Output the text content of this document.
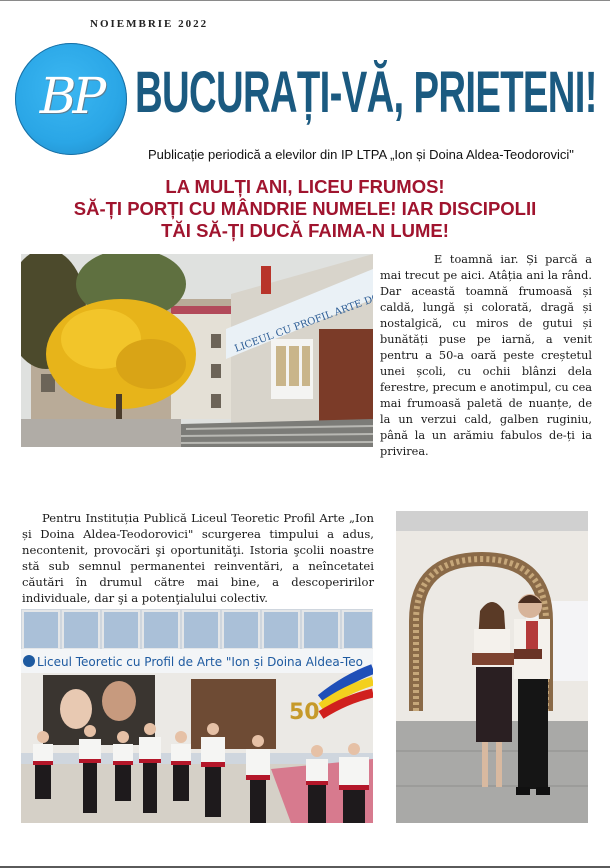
NOIEMBRIE 2022
BP BUCURAȚI-VĂ, PRIETENI!
Publicație periodică a elevilor din IP LTPA „Ion și Doina Aldea-Teodorovici"
LA MULȚI ANI, LICEU FRUMOS!
SĂ-ȚI PORȚI CU MÂNDRIE NUMELE! IAR DISCIPOLII
TĂI SĂ-ȚI DUCĂ FAIMA-N LUME!
E toamnă iar. Și parcă a mai trecut pe aici. Atâția ani la rând. Dar această toamnă frumoasă și caldă, lungă și colorată, dragă și nostalgică, cu miros de gutui și bunătăți puse pe iarnă, a venit pentru a 50-a oară peste creștetul unei școli, cu ochii blânzi dela ferestre, precum e anotimpul, cu cea mai frumoasă paletă de nuanțe, de la un verzui cald, galben ruginiu, până la un arămiu fabulos de-ți ia privirea.
Pentru Instituția Publică Liceul Teoretic Profil Arte „Ion și Doina Aldea-Teodorovici" scurgerea timpului a adus, necontenit, provocări şi oportunităţi. Istoria şcolii noastre stă sub semnul permanentei reinventări, a neîncetatei căutări în drumul către mai bine, a descoperirilor individuale, dar şi a potenţialului colectiv.
Liceul Teoretic cu Profil de Arte "Ion și Doina Aldea-Teo
50
